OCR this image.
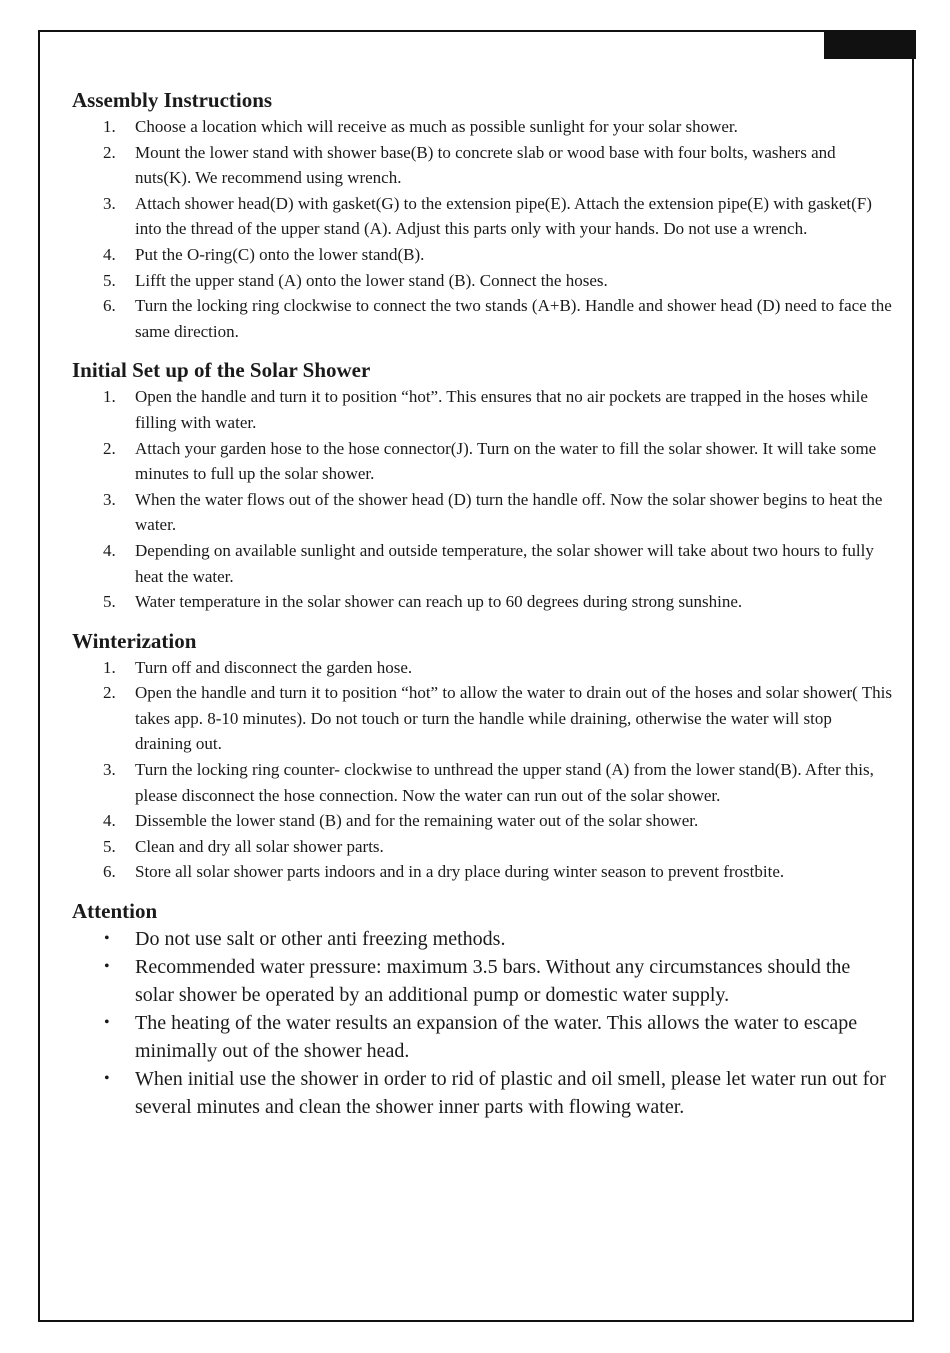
Assembly Instructions
1. Choose a location which will receive as much as possible sunlight for your solar shower.
2. Mount the lower stand with shower base(B) to concrete slab or wood base with four bolts, washers and nuts(K). We recommend using wrench.
3. Attach shower head(D) with gasket(G) to the extension pipe(E). Attach the extension pipe(E) with gasket(F) into the thread of the upper stand (A). Adjust this parts only with your hands. Do not use a wrench.
4. Put the O-ring(C) onto the lower stand(B).
5. Lifft the upper stand (A) onto the lower stand (B). Connect the hoses.
6. Turn the locking ring clockwise to connect the two stands (A+B). Handle and shower head (D) need to face the same direction.
Initial Set up of the Solar Shower
1. Open the handle and turn it to position “hot”. This ensures that no air pockets are trapped in the hoses while filling with water.
2. Attach your garden hose to the hose connector(J). Turn on the water to fill the solar shower. It will take some minutes to full up the solar shower.
3. When the water flows out of the shower head (D) turn the handle off. Now the solar shower begins to heat the water.
4. Depending on available sunlight and outside temperature, the solar shower will take about two hours to fully heat the water.
5. Water temperature in the solar shower can reach up to 60 degrees during strong sunshine.
Winterization
1. Turn off and disconnect the garden hose.
2. Open the handle and turn it to position “hot” to allow the water to drain out of the hoses and solar shower( This takes app. 8-10 minutes). Do not touch or turn the handle while draining, otherwise the water will stop draining out.
3. Turn the locking ring counter- clockwise to unthread the upper stand (A) from the lower stand(B). After this, please disconnect the hose connection. Now the water can run out of the solar shower.
4. Dissemble the lower stand (B) and for the remaining water out of the solar shower.
5. Clean and dry all solar shower parts.
6. Store all solar shower parts indoors and in a dry place during winter season to prevent frostbite.
Attention
• Do not use salt or other anti freezing methods.
• Recommended water pressure: maximum 3.5 bars. Without any circumstances should the solar shower be operated by an additional pump or domestic water supply.
• The heating of the water results an expansion of the water. This allows the water to escape minimally out of the shower head.
• When initial use the shower in order to rid of plastic and oil smell, please let water run out for several minutes and clean the shower inner parts with flowing water.
